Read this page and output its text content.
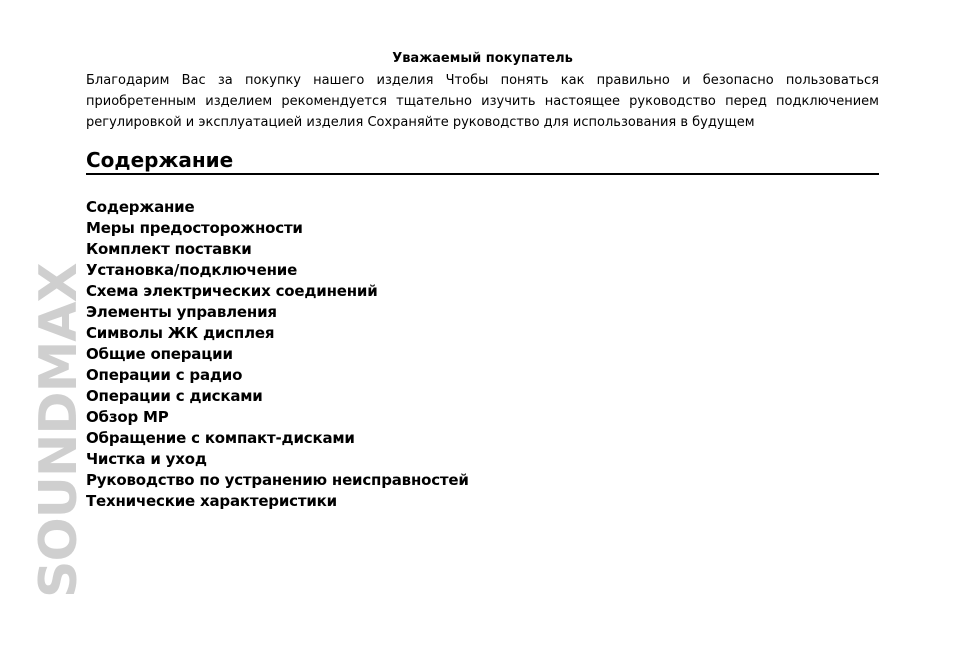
SOUNDMAX
Уважаемый покупатель

Благодарим Вас за покупку нашего изделия Чтобы понять как правильно и безопасно пользоваться приобретенным изделием рекомендуется тщательно изучить настоящее руководство перед подключением регулировкой и эксплуатацией изделия Сохраняйте руководство для использования в будущем

Содержание
Содержание
Меры предосторожности
Комплект поставки
Установка/подключение
Схема электрических соединений
Элементы управления
Символы ЖК дисплея
Общие операции
Операции с радио
Операции с дисками
Обзор MP
Обращение с компакт-дисками
Чистка и уход
Руководство по устранению неисправностей
Технические характеристики
